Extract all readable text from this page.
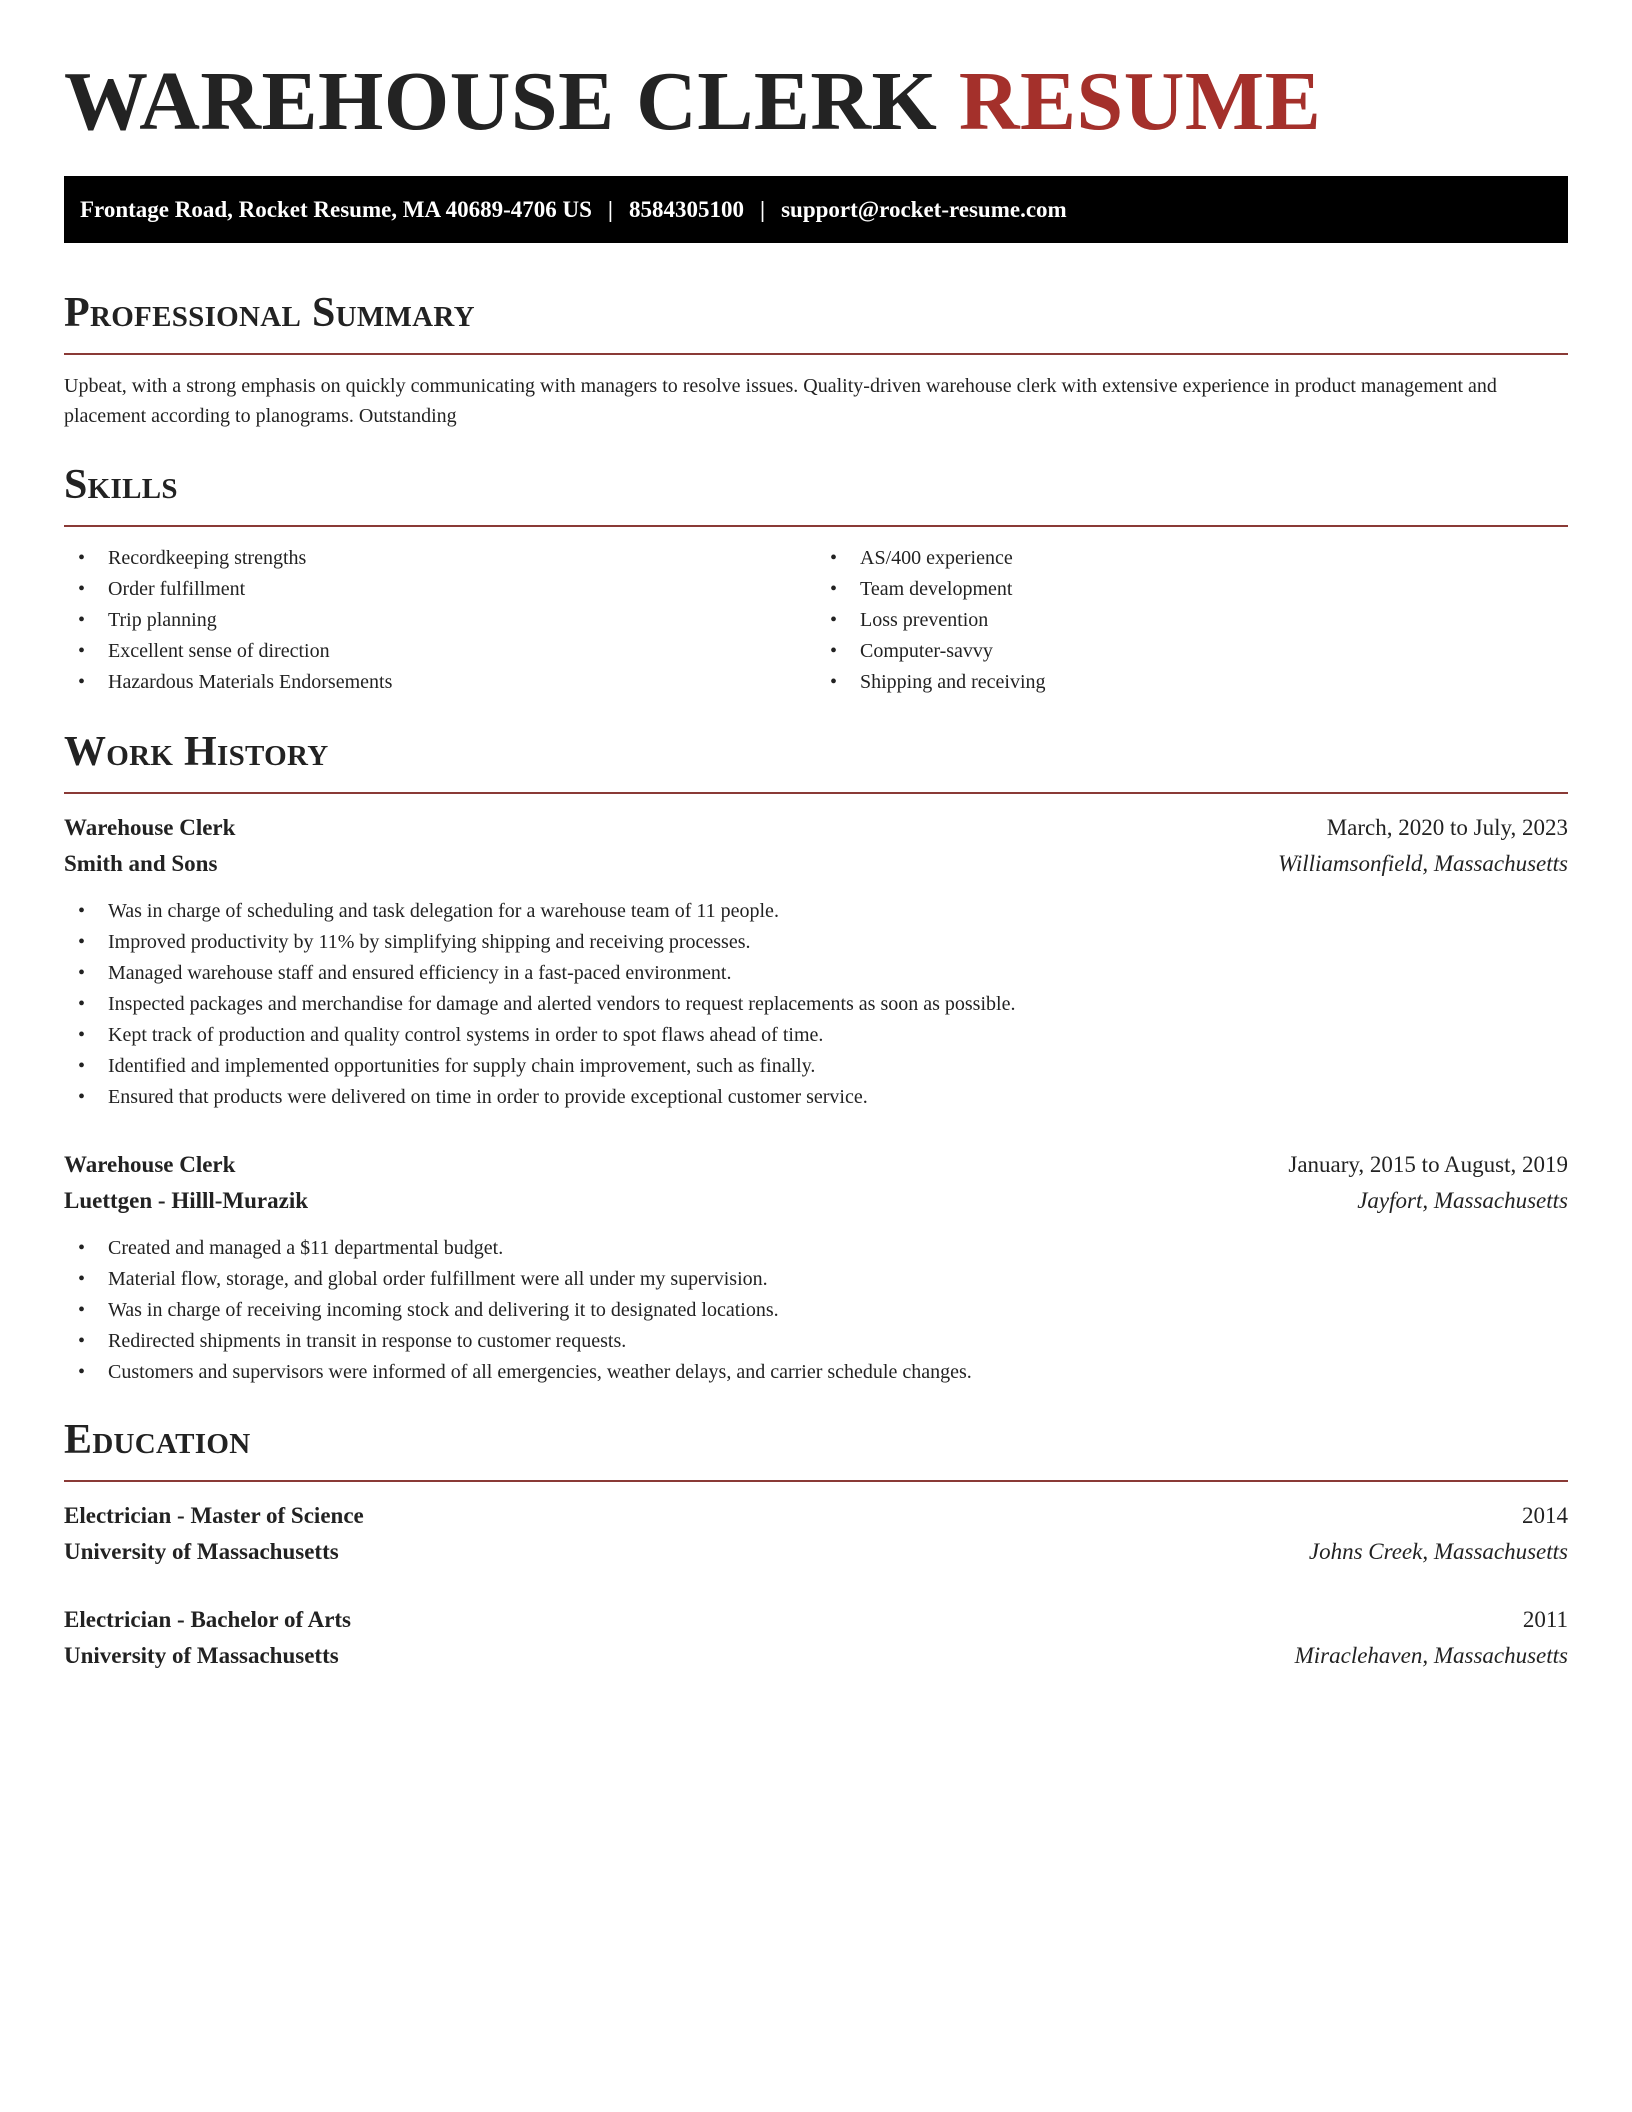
WAREHOUSE CLERK RESUME
Frontage Road, Rocket Resume, MA 40689-4706 US | 8584305100 | support@rocket-resume.com
Professional Summary
Upbeat, with a strong emphasis on quickly communicating with managers to resolve issues. Quality-driven warehouse clerk with extensive experience in product management and placement according to planograms. Outstanding
Skills
• Recordkeeping strengths
• Order fulfillment
• Trip planning
• Excellent sense of direction
• Hazardous Materials Endorsements
• AS/400 experience
• Team development
• Loss prevention
• Computer-savvy
• Shipping and receiving
Work History
Warehouse Clerk	March, 2020 to July, 2023
Smith and Sons	Williamsonfield, Massachusetts
• Was in charge of scheduling and task delegation for a warehouse team of 11 people.
• Improved productivity by 11% by simplifying shipping and receiving processes.
• Managed warehouse staff and ensured efficiency in a fast-paced environment.
• Inspected packages and merchandise for damage and alerted vendors to request replacements as soon as possible.
• Kept track of production and quality control systems in order to spot flaws ahead of time.
• Identified and implemented opportunities for supply chain improvement, such as finally.
• Ensured that products were delivered on time in order to provide exceptional customer service.
Warehouse Clerk	January, 2015 to August, 2019
Luettgen - Hilll-Murazik	Jayfort, Massachusetts
• Created and managed a $11 departmental budget.
• Material flow, storage, and global order fulfillment were all under my supervision.
• Was in charge of receiving incoming stock and delivering it to designated locations.
• Redirected shipments in transit in response to customer requests.
• Customers and supervisors were informed of all emergencies, weather delays, and carrier schedule changes.
Education
Electrician - Master of Science	2014
University of Massachusetts	Johns Creek, Massachusetts
Electrician - Bachelor of Arts	2011
University of Massachusetts	Miraclehaven, Massachusetts
